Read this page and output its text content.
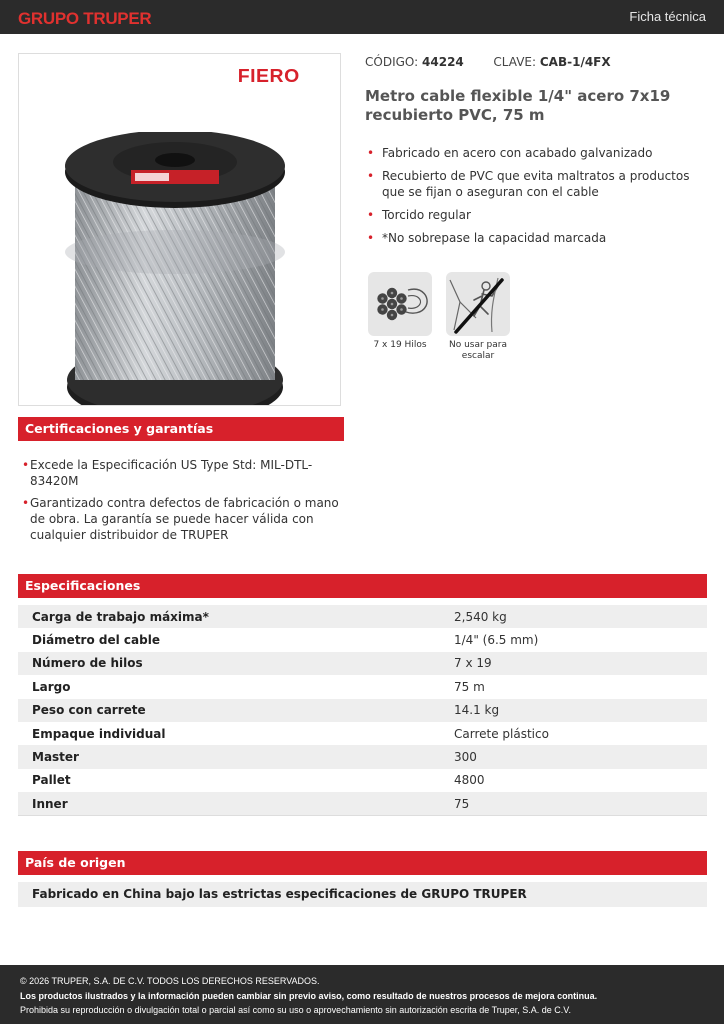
GRUPO TRUPER	Ficha técnica
FIERO
CÓDIGO: 44224 CLAVE: CAB-1/4FX
Metro cable flexible 1/4" acero 7x19 recubierto PVC, 75 m
• Fabricado en acero con acabado galvanizado
• Recubierto de PVC que evita maltratos a productos que se fijan o aseguran con el cable
• Torcido regular
• *No sobrepase la capacidad marcada
7 x 19 Hilos	No usar para escalar
Certificaciones y garantías
• Excede la Especificación US Type Std: MIL-DTL-83420M
• Garantizado contra defectos de fabricación o mano de obra. La garantía se puede hacer válida con cualquier distribuidor de TRUPER
Especificaciones
Carga de trabajo máxima*	2,540 kg
Diámetro del cable	1/4" (6.5 mm)
Número de hilos	7 x 19
Largo	75 m
Peso con carrete	14.1 kg
Empaque individual	Carrete plástico
Master	300
Pallet	4800
Inner	75
País de origen
Fabricado en China bajo las estrictas especificaciones de GRUPO TRUPER
© 2026 TRUPER, S.A. DE C.V. TODOS LOS DERECHOS RESERVADOS.
Los productos ilustrados y la información pueden cambiar sin previo aviso, como resultado de nuestros procesos de mejora continua.
Prohibida su reproducción o divulgación total o parcial así como su uso o aprovechamiento sin autorización escrita de Truper, S.A. de C.V.
